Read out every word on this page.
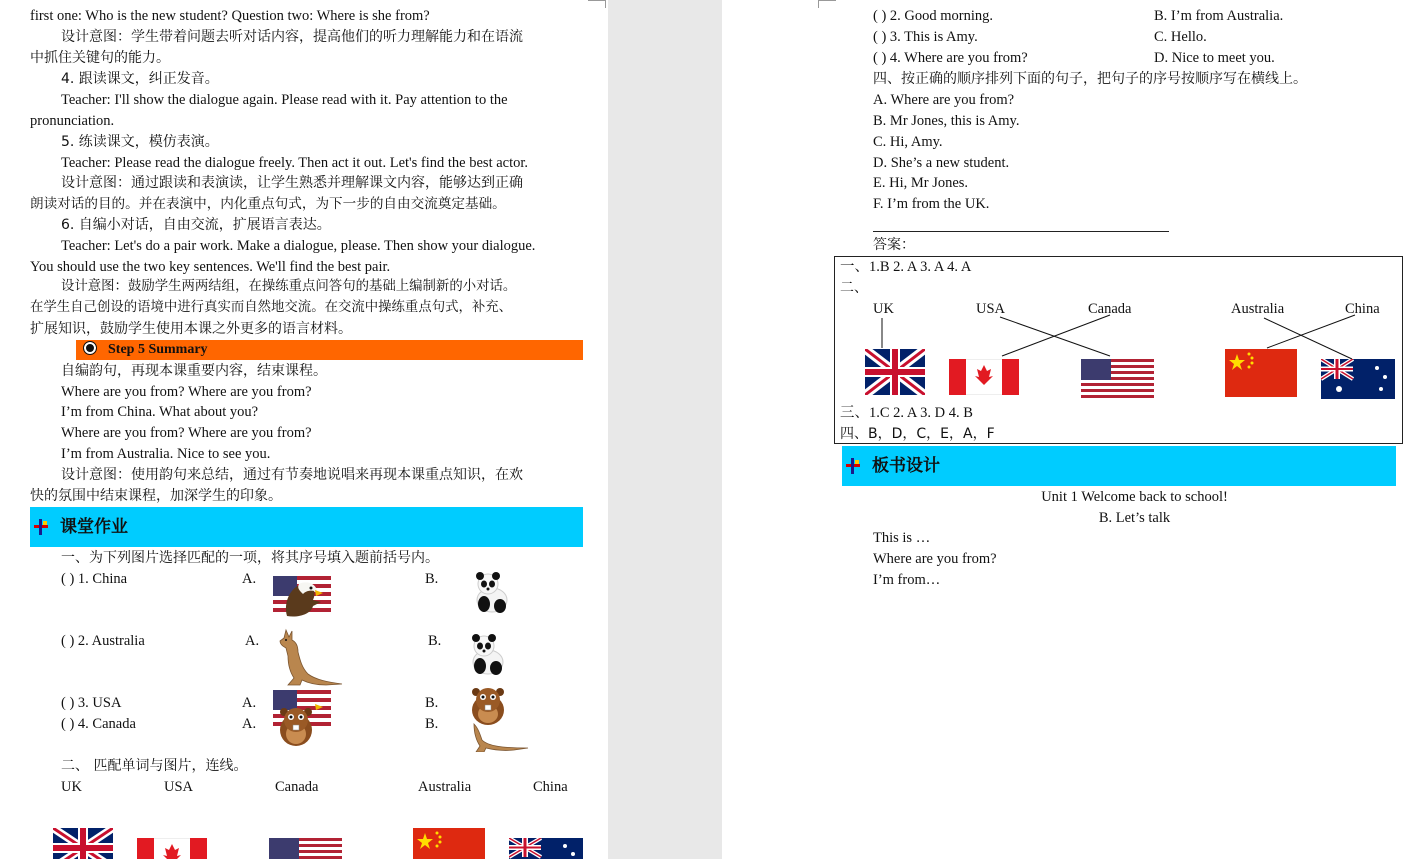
first one: Who is the new student? Question two: Where is she from?
设计意图：学生带着问题去听对话内容，提高他们的听力理解能力和在语流
中抓住关键句的能力。
4. 跟读课文，纠正发音。
Teacher: I'll show the dialogue again. Please read with it. Pay attention to the
pronunciation.
5. 练读课文，模仿表演。
Teacher: Please read the dialogue freely. Then act it out. Let's find the best actor.
设计意图：通过跟读和表演读，让学生熟悉并理解课文内容，能够达到正确
朗读对话的目的。并在表演中，内化重点句式，为下一步的自由交流奠定基础。
6. 自编小对话，自由交流，扩展语言表达。
Teacher: Let's do a pair work. Make a dialogue, please. Then show your dialogue.
You should use the two key sentences. We'll find the best pair.
设计意图：鼓励学生两两结组，在操练重点问答句的基础上编制新的小对话。
在学生自己创设的语境中进行真实而自然地交流。在交流中操练重点句式，补充、
扩展知识，鼓励学生使用本课之外更多的语言材料。
Step 5 Summary
自编韵句，再现本课重要内容，结束课程。
Where are you from? Where are you from?
I’m from China. What about you?
Where are you from? Where are you from?
I’m from Australia. Nice to see you.
设计意图：使用韵句来总结，通过有节奏地说唱来再现本课重点知识，在欢
快的氛围中结束课程，加深学生的印象。
课堂作业
一、为下列图片选择匹配的一项，将其序号填入题前括号内。
( ) 1. China	A.	B.
( ) 2. Australia	A.	B.
( ) 3. USA	A.	B.
( ) 4. Canada	A.	B.
二、 匹配单词与图片，连线。
UK	USA	Canada	Australia	China
( ) 2. Good morning.	B. I’m from Australia.
( ) 3. This is Amy.	C. Hello.
( ) 4. Where are you from?	D. Nice to meet you.
四、按正确的顺序排列下面的句子，把句子的序号按顺序写在横线上。
A. Where are you from?
B. Mr Jones, this is Amy.
C. Hi, Amy.
D. She’s a new student.
E. Hi, Mr Jones.
F. I’m from the UK.
答案：
一、1.B 2. A 3. A 4. A
二、
UK	USA	Canada	Australia	China
三、1.C 2. A 3. D 4. B
四、B，D，C，E，A，F
板书设计
Unit 1 Welcome back to school!
B. Let’s talk
This is …
Where are you from?
I’m from…
